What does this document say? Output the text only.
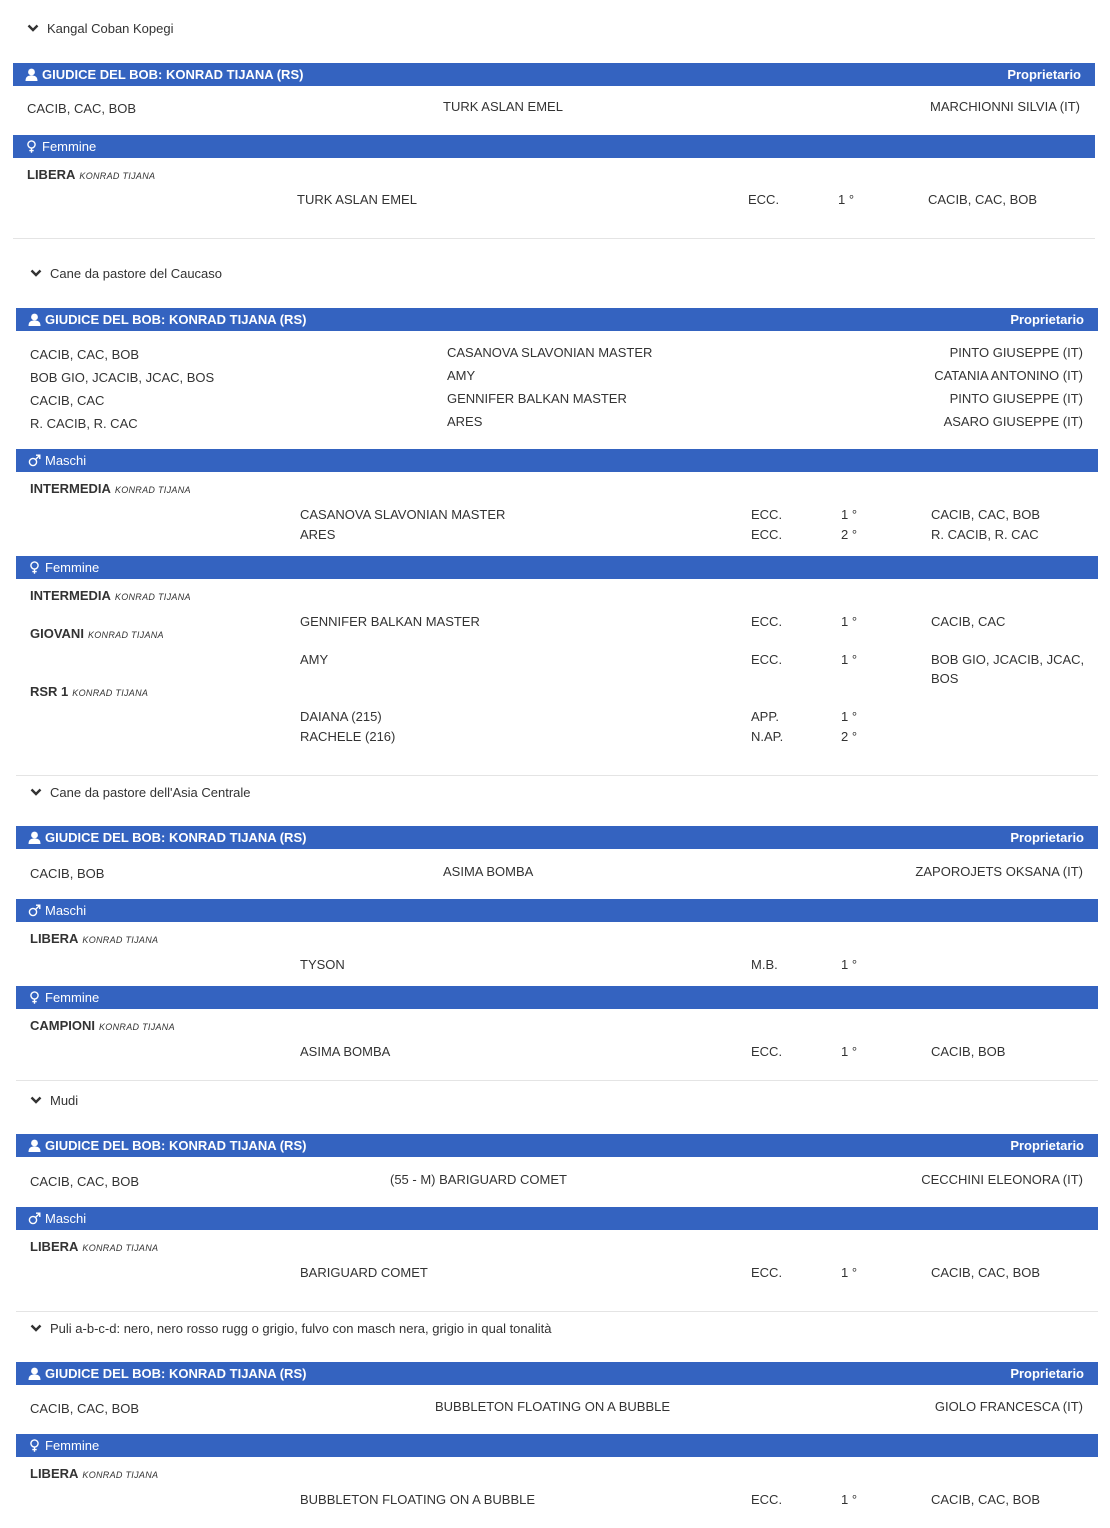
Kangal Coban Kopegi
GIUDICE DEL BOB: KONRAD TIJANA (RS)	Proprietario
CACIB, CAC, BOB	TURK ASLAN EMEL	MARCHIONNI SILVIA (IT)
Femmine
LIBERA KONRAD TIJANA
TURK ASLAN EMEL	ECC.	1 °	CACIB, CAC, BOB
Cane da pastore del Caucaso
GIUDICE DEL BOB: KONRAD TIJANA (RS)	Proprietario
CACIB, CAC, BOB	CASANOVA SLAVONIAN MASTER	PINTO GIUSEPPE (IT)
BOB GIO, JCACIB, JCAC, BOS	AMY	CATANIA ANTONINO (IT)
CACIB, CAC	GENNIFER BALKAN MASTER	PINTO GIUSEPPE (IT)
R. CACIB, R. CAC	ARES	ASARO GIUSEPPE (IT)
Maschi
INTERMEDIA KONRAD TIJANA
CASANOVA SLAVONIAN MASTER	ECC.	1 °	CACIB, CAC, BOB
ARES	ECC.	2 °	R. CACIB, R. CAC
Femmine
INTERMEDIA KONRAD TIJANA
GENNIFER BALKAN MASTER	ECC.	1 °	CACIB, CAC
GIOVANI KONRAD TIJANA
AMY	ECC.	1 °	BOB GIO, JCACIB, JCAC,
BOS
RSR 1 KONRAD TIJANA
DAIANA (215)	APP.	1 °
RACHELE (216)	N.AP.	2 °
Cane da pastore dell'Asia Centrale
GIUDICE DEL BOB: KONRAD TIJANA (RS)	Proprietario
CACIB, BOB	ASIMA BOMBA	ZAPOROJETS OKSANA (IT)
Maschi
LIBERA KONRAD TIJANA
TYSON	M.B.	1 °
Femmine
CAMPIONI KONRAD TIJANA
ASIMA BOMBA	ECC.	1 °	CACIB, BOB
Mudi
GIUDICE DEL BOB: KONRAD TIJANA (RS)	Proprietario
CACIB, CAC, BOB	(55 - M) BARIGUARD COMET	CECCHINI ELEONORA (IT)
Maschi
LIBERA KONRAD TIJANA
BARIGUARD COMET	ECC.	1 °	CACIB, CAC, BOB
Puli a-b-c-d: nero, nero rosso rugg o grigio, fulvo con masch nera, grigio in qual tonalità
GIUDICE DEL BOB: KONRAD TIJANA (RS)	Proprietario
CACIB, CAC, BOB	BUBBLETON FLOATING ON A BUBBLE	GIOLO FRANCESCA (IT)
Femmine
LIBERA KONRAD TIJANA
BUBBLETON FLOATING ON A BUBBLE	ECC.	1 °	CACIB, CAC, BOB
